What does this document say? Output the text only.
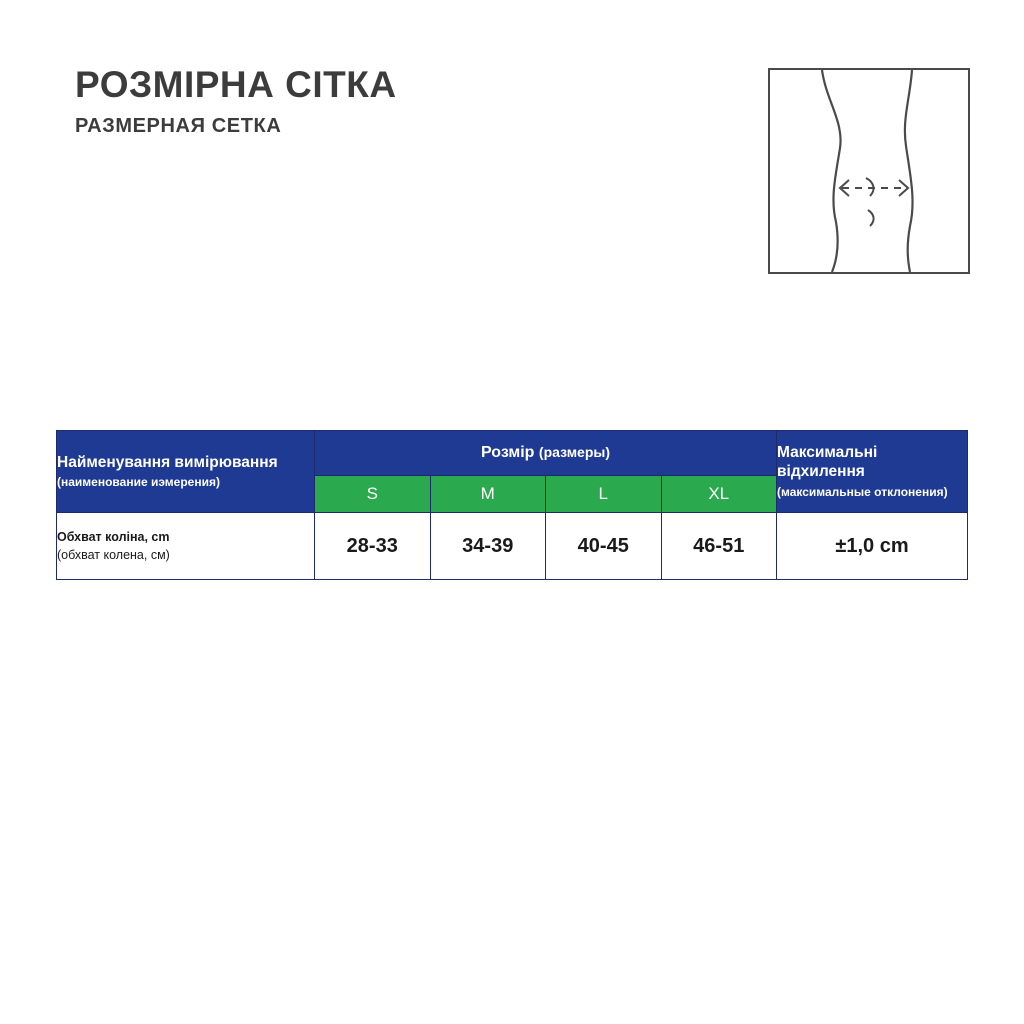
РОЗМІРНА СІТКА
РАЗМЕРНАЯ СЕТКА
Найменування вимірювання
(наименование иэмерения)
	Розмір (размеры)	Максимальні відхилення
(максимальные отклонения)

	S	M	L	XL	

Обхват коліна, cm
(обхват колена, см)	28-33	34-39	40-45	46-51	±1,0 cm
